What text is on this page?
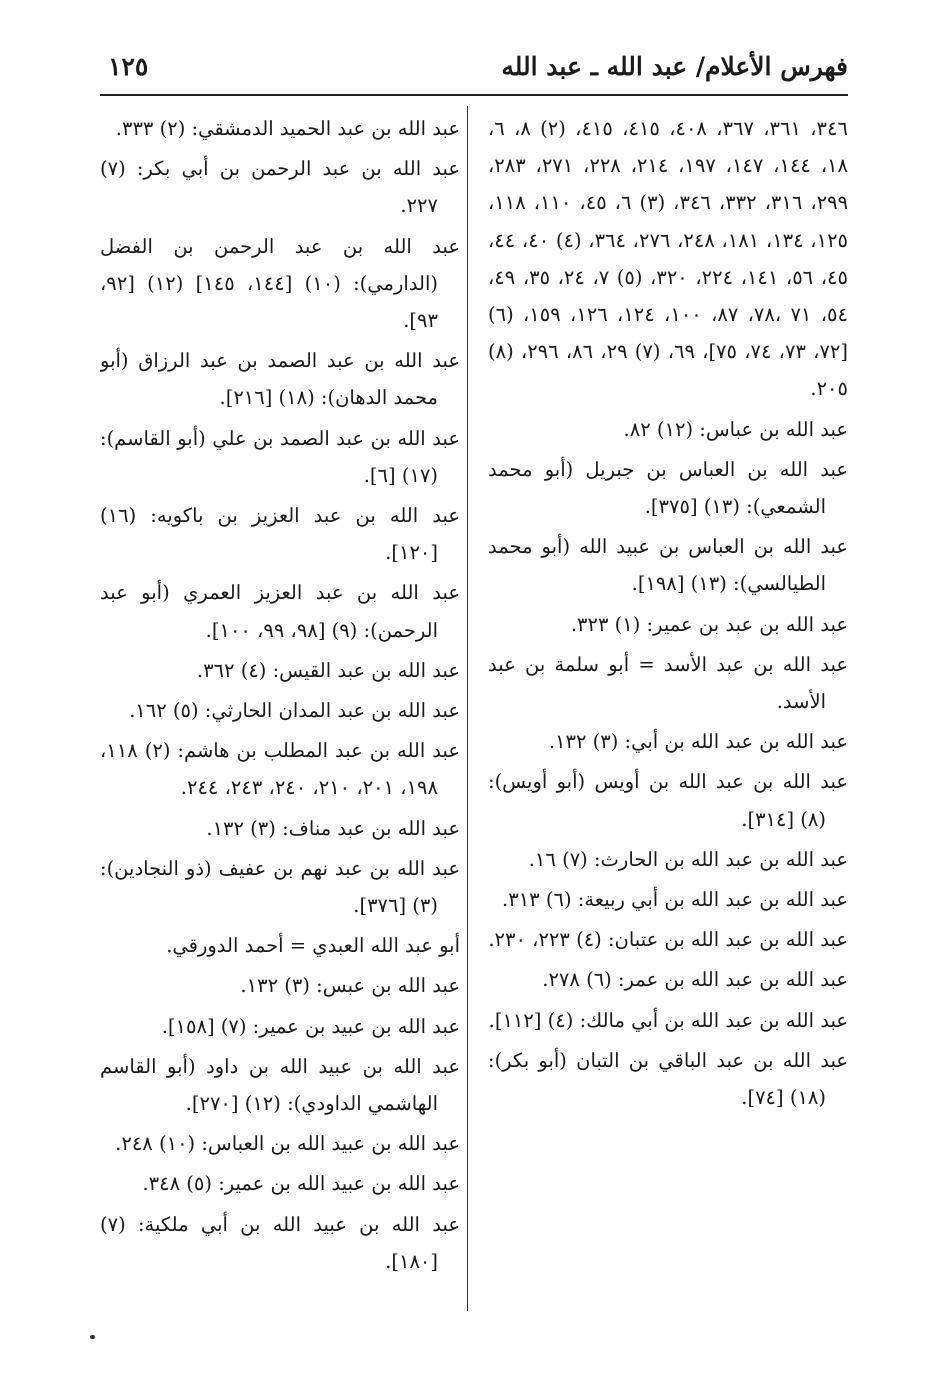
فهرس الأعلام/ عبد الله ـ عبد الله
١٢٥

٣٤٦، ٣٦١، ٣٦٧، ٤٠٨، ٤١٥، ٤١٥، (٢) ٨، ٦، ١٨، ١٤٤، ١٤٧، ١٩٧، ٢١٤، ٢٢٨، ٢٧١، ٢٨٣، ٢٩٩، ٣١٦، ٣٣٢، ٣٤٦، (٣) ٦، ٤٥، ١١٠، ١١٨، ١٢٥، ١٣٤، ١٨١، ٢٤٨، ٢٧٦، ٣٦٤، (٤) ٤٠، ٤٤، ٤٥، ٥٦، ١٤١، ٢٢٤، ٣٢٠، (٥) ٧، ٢٤، ٣٥، ٤٩، ٥٤، ٧١ ،٧٨، ٨٧، ١٠٠، ١٢٤، ١٢٦، ١٥٩، (٦) [٧٢، ٧٣، ٧٤، ٧٥]، ٦٩، (٧) ٢٩، ٨٦، ٢٩٦، (٨) ٢٠٥.

عبد الله بن عباس: (١٢) ٨٢.

عبد الله بن العباس بن جبريل (أبو محمد الشمعي): (١٣) [٣٧٥].

عبد الله بن العباس بن عبيد الله (أبو محمد الطيالسي): (١٣) [١٩٨].

عبد الله بن عبد بن عمير: (١) ٣٢٣.

عبد الله بن عبد الأسد = أبو سلمة بن عبد الأسد.

عبد الله بن عبد الله بن أبي: (٣) ١٣٢.

عبد الله بن عبد الله بن أويس (أبو أويس): (٨) [٣١٤].

عبد الله بن عبد الله بن الحارث: (٧) ١٦.

عبد الله بن عبد الله بن أبي ربيعة: (٦) ٣١٣.

عبد الله بن عبد الله بن عتبان: (٤) ٢٢٣، ٢٣٠.

عبد الله بن عبد الله بن عمر: (٦) ٢٧٨.

عبد الله بن عبد الله بن أبي مالك: (٤) [١١٢].

عبد الله بن عبد الباقي بن التبان (أبو بكر): (١٨) [٧٤].

عبد الله بن عبد الحميد الدمشقي: (٢) ٣٣٣.

عبد الله بن عبد الرحمن بن أبي بكر: (٧) ٢٢٧.

عبد الله بن عبد الرحمن بن الفضل (الدارمي): (١٠) [١٤٤، ١٤٥] (١٢) [٩٢، ٩٣].

عبد الله بن عبد الصمد بن عبد الرزاق (أبو محمد الدهان): (١٨) [٢١٦].

عبد الله بن عبد الصمد بن علي (أبو القاسم): (١٧) [٦].

عبد الله بن عبد العزيز بن باكويه: (١٦) [١٢٠].

عبد الله بن عبد العزيز العمري (أبو عبد الرحمن): (٩) [٩٨، ٩٩، ١٠٠].

عبد الله بن عبد القيس: (٤) ٣٦٢.

عبد الله بن عبد المدان الحارثي: (٥) ١٦٢.

عبد الله بن عبد المطلب بن هاشم: (٢) ١١٨، ١٩٨، ٢٠١، ٢١٠، ٢٤٠، ٢٤٣، ٢٤٤.

عبد الله بن عبد مناف: (٣) ١٣٢.

عبد الله بن عبد نهم بن عفيف (ذو النجادين): (٣) [٣٧٦].

أبو عبد الله العبدي = أحمد الدورقي.

عبد الله بن عبس: (٣) ١٣٢.

عبد الله بن عبيد بن عمير: (٧) [١٥٨].

عبد الله بن عبيد الله بن داود (أبو القاسم الهاشمي الداودي): (١٢) [٢٧٠].

عبد الله بن عبيد الله بن العباس: (١٠) ٢٤٨.

عبد الله بن عبيد الله بن عمير: (٥) ٣٤٨.

عبد الله بن عبيد الله بن أبي ملكية: (٧) [١٨٠].
